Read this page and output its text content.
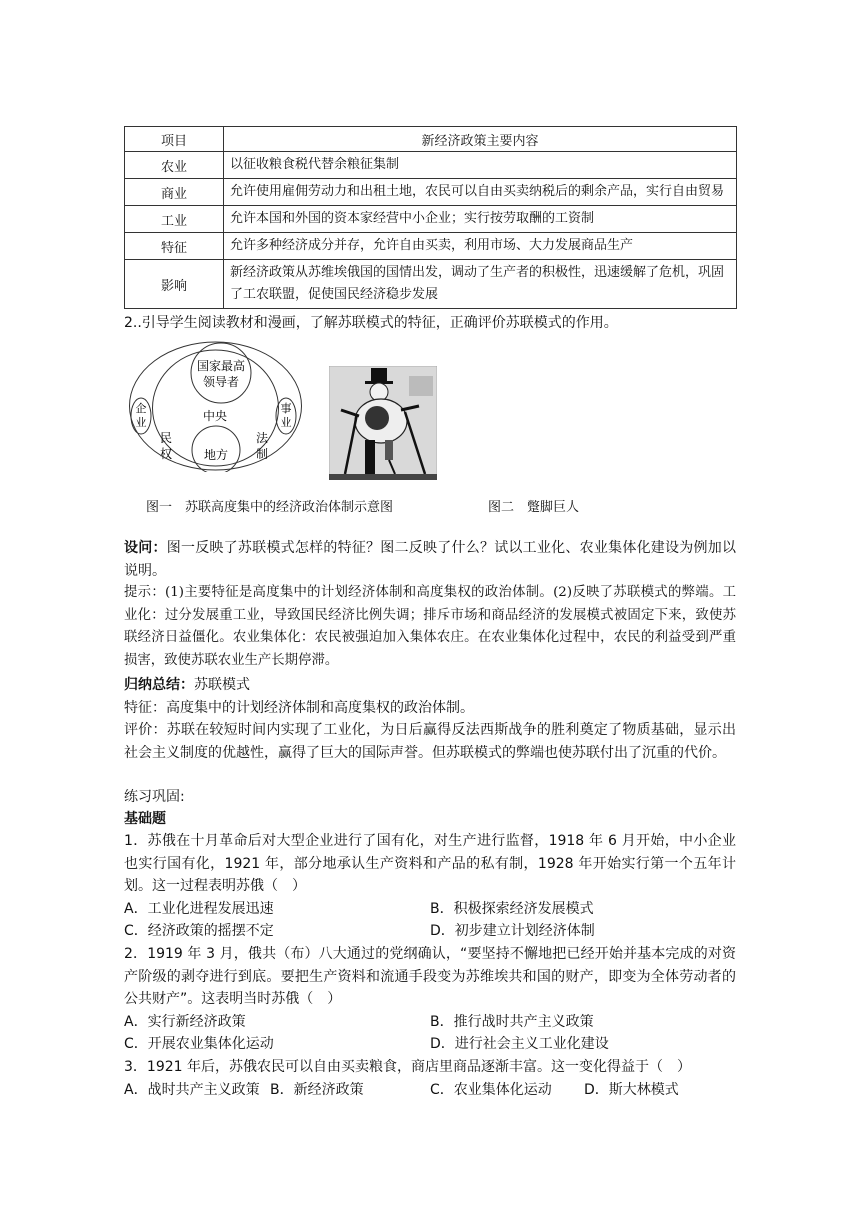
项目	新经济政策主要内容
农业	以征收粮食税代替余粮征集制
商业	允许使用雇佣劳动力和出租土地，农民可以自由买卖纳税后的剩余产品，实行自由贸易
工业	允许本国和外国的资本家经营中小企业；实行按劳取酬的工资制
特征	允许多种经济成分并存，允许自由买卖，利用市场、大力发展商品生产
影响	新经济政策从苏维埃俄国的国情出发，调动了生产者的积极性，迅速缓解了危机，巩固了工农联盟，促使国民经济稳步发展
2..引导学生阅读教材和漫画，了解苏联模式的特征，正确评价苏联模式的作用。
国家最高
领导者
中央
企
业
事
业
民
权
法
制
地方
图一　苏联高度集中的经济政治体制示意图	图二　蹩脚巨人
设问：图一反映了苏联模式怎样的特征？图二反映了什么？试以工业化、农业集体化建设为例加以说明。
提示：(1)主要特征是高度集中的计划经济体制和高度集权的政治体制。(2)反映了苏联模式的弊端。工业化：过分发展重工业，导致国民经济比例失调；排斥市场和商品经济的发展模式被固定下来，致使苏联经济日益僵化。农业集体化：农民被强迫加入集体农庄。在农业集体化过程中，农民的利益受到严重损害，致使苏联农业生产长期停滞。
归纳总结：苏联模式
特征：高度集中的计划经济体制和高度集权的政治体制。
评价：苏联在较短时间内实现了工业化，为日后赢得反法西斯战争的胜利奠定了物质基础，显示出社会主义制度的优越性，赢得了巨大的国际声誉。但苏联模式的弊端也使苏联付出了沉重的代价。
练习巩固:
基础题
1．苏俄在十月革命后对大型企业进行了国有化，对生产进行监督，1918 年 6 月开始，中小企业也实行国有化，1921 年，部分地承认生产资料和产品的私有制，1928 年开始实行第一个五年计划。这一过程表明苏俄（　）
A．工业化进程发展迅速	B．积极探索经济发展模式
C．经济政策的摇摆不定	D．初步建立计划经济体制
2．1919 年 3 月，俄共（布）八大通过的党纲确认，“要坚持不懈地把已经开始并基本完成的对资产阶级的剥夺进行到底。要把生产资料和流通手段变为苏维埃共和国的财产，即变为全体劳动者的公共财产”。这表明当时苏俄（　）
A．实行新经济政策	B．推行战时共产主义政策
C．开展农业集体化运动	D．进行社会主义工业化建设
3．1921 年后，苏俄农民可以自由买卖粮食，商店里商品逐渐丰富。这一变化得益于（　）
A．战时共产主义政策 B．新经济政策	C．农业集体化运动	D．斯大林模式
